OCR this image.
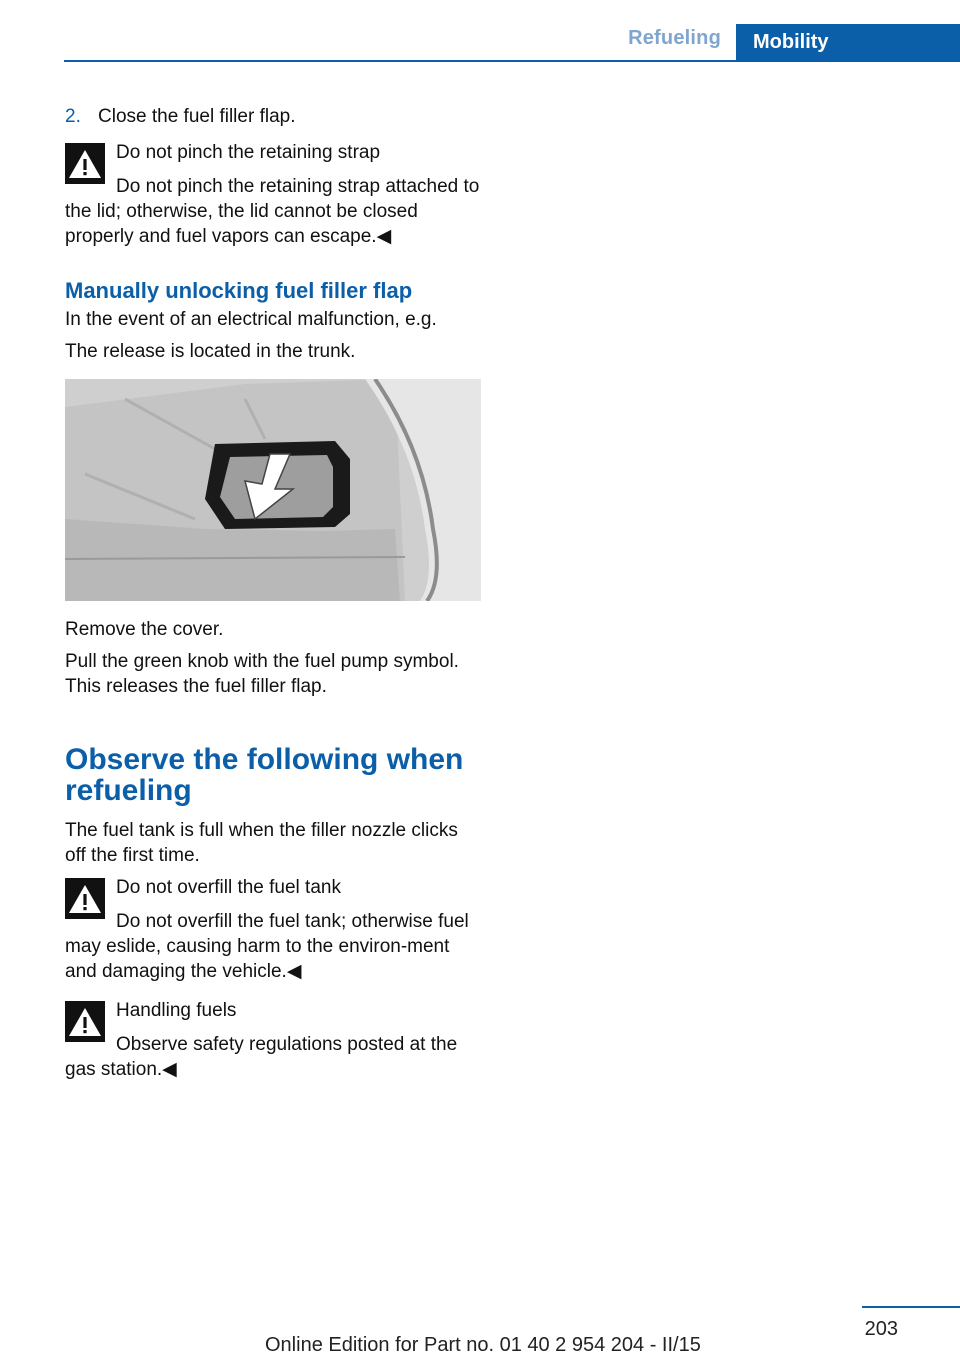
Refueling	Mobility
2. Close the fuel filler flap.
Do not pinch the retaining strap
Do not pinch the retaining strap attached to the lid; otherwise, the lid cannot be closed properly and fuel vapors can escape.◀
Manually unlocking fuel filler flap

In the event of an electrical malfunction, e.g.

The release is located in the trunk.

Remove the cover.

Pull the green knob with the fuel pump symbol. This releases the fuel filler flap.

Observe the following when refueling

The fuel tank is full when the filler nozzle clicks off the first time.

Do not overfill the fuel tank
Do not overfill the fuel tank; otherwise fuel may eslide, causing harm to the environ-ment and damaging the vehicle.◀
Handling fuels
Observe safety regulations posted at the gas station.◀
203
Online Edition for Part no. 01 40 2 954 204 - II/15
